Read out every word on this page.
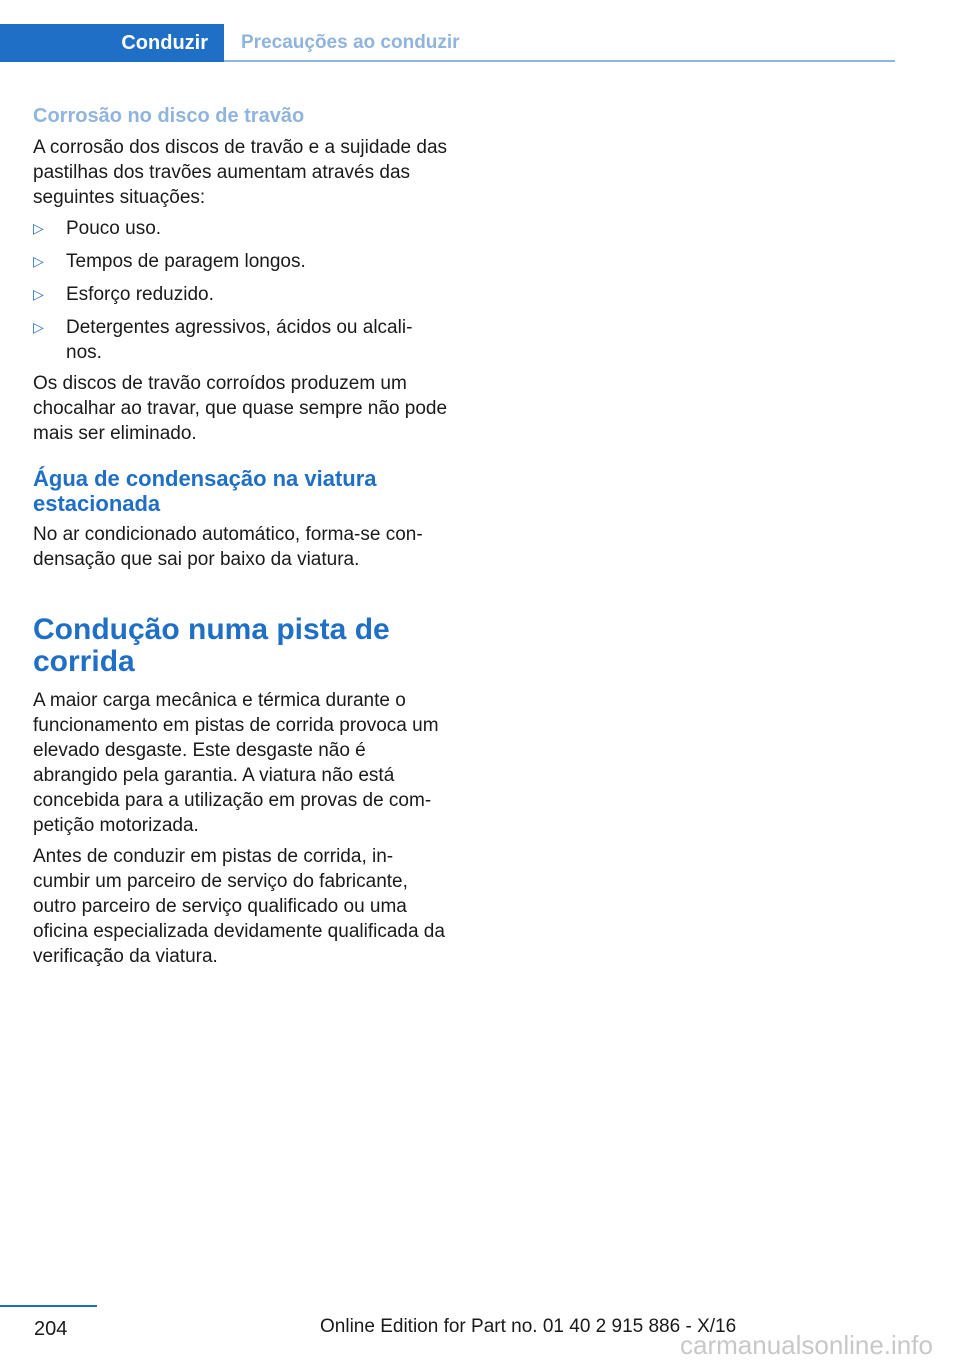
Conduzir Precauções ao conduzir
Corrosão no disco de travão

A corrosão dos discos de travão e a sujidade das pastilhas dos travões aumentam através das seguintes situações:

▷	Pouco uso.
▷	Tempos de paragem longos.
▷	Esforço reduzido.
▷	Detergentes agressivos, ácidos ou alcali-nos.

Os discos de travão corroídos produzem um chocalhar ao travar, que quase sempre não pode mais ser eliminado.

Água de condensação na viatura estacionada

No ar condicionado automático, forma-se con-densação que sai por baixo da viatura.

Condução numa pista de corrida

A maior carga mecânica e térmica durante o funcionamento em pistas de corrida provoca um elevado desgaste. Este desgaste não é abrangido pela garantia. A viatura não está concebida para a utilização em provas de com-petição motorizada.

Antes de conduzir em pistas de corrida, in-cumbir um parceiro de serviço do fabricante, outro parceiro de serviço qualificado ou uma oficina especializada devidamente qualificada da verificação da viatura.

204	Online Edition for Part no. 01 40 2 915 886 - X/16
carmanualsonline.info
